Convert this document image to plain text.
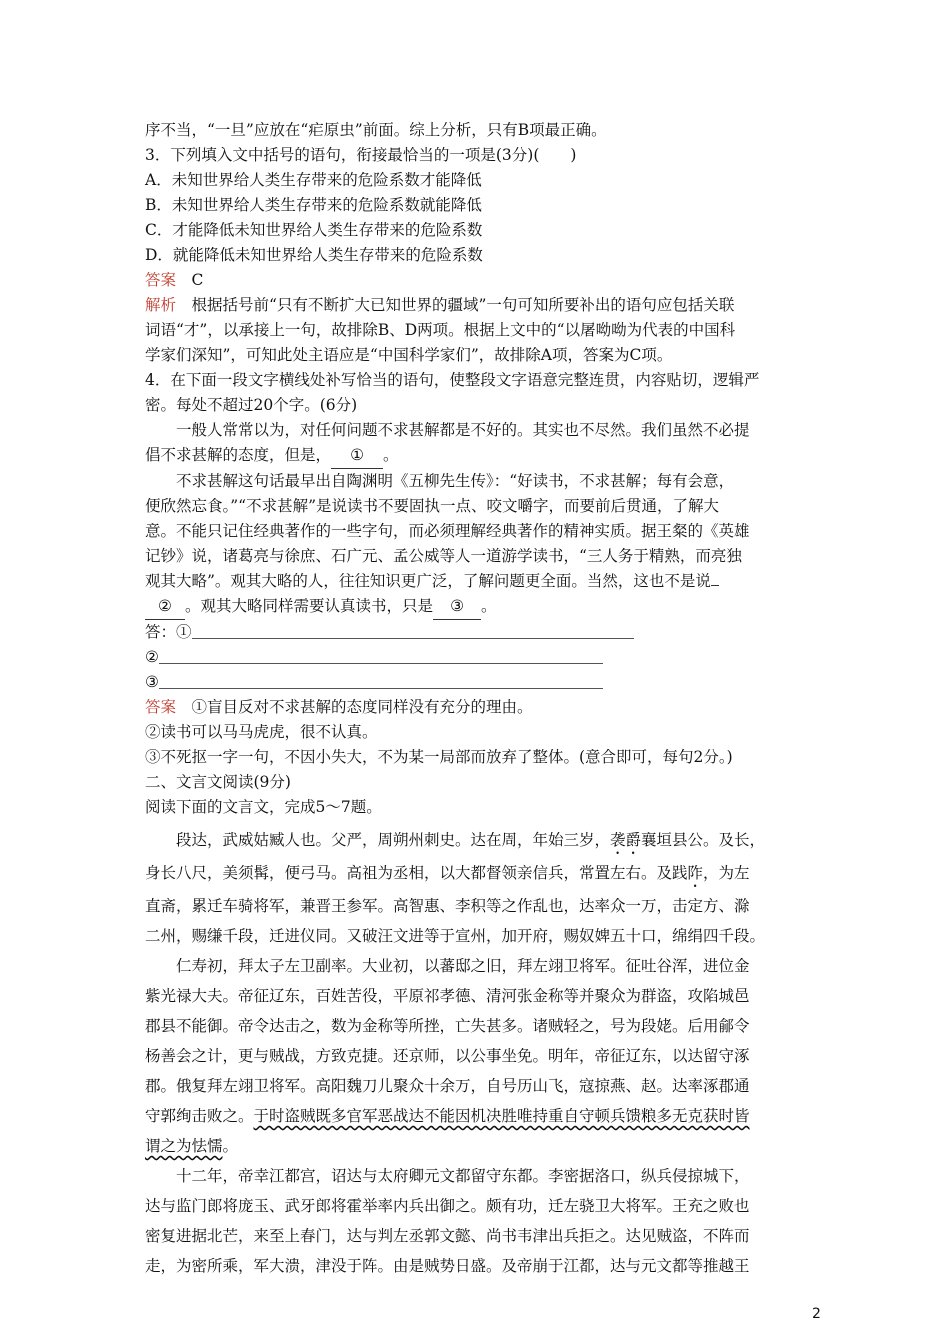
序不当，“一旦”应放在“疟原虫”前面。综上分析，只有B项最正确。

3．下列填入文中括号的语句，衔接最恰当的一项是(3分)(　　)

A．未知世界给人类生存带来的危险系数才能降低

B．未知世界给人类生存带来的危险系数就能降低

C．才能降低未知世界给人类生存带来的危险系数

D．就能降低未知世界给人类生存带来的危险系数

答案　C

解析　根据括号前“只有不断扩大已知世界的疆域”一句可知所要补出的语句应包括关联

词语“才”，以承接上一句，故排除B、D两项。根据上文中的“以屠呦呦为代表的中国科

学家们深知”，可知此处主语应是“中国科学家们”，故排除A项，答案为C项。

4．在下面一段文字横线处补写恰当的语句，使整段文字语意完整连贯，内容贴切，逻辑严

密。每处不超过20个字。(6分)

一般人常常以为，对任何问题不求甚解都是不好的。其实也不尽然。我们虽然不必提

倡不求甚解的态度，但是， ① 。

不求甚解这句话最早出自陶渊明《五柳先生传》：“好读书，不求甚解；每有会意，

便欣然忘食。”“不求甚解”是说读书不要固执一点、咬文嚼字，而要前后贯通，了解大

意。不能只记住经典著作的一些字句，而必须理解经典著作的精神实质。据王粲的《英雄

记钞》说，诸葛亮与徐庶、石广元、孟公威等人一道游学读书，“三人务于精熟，而亮独

观其大略”。观其大略的人，往往知识更广泛，了解问题更全面。当然，这也不是说

② 。观其大略同样需要认真读书，只是 ③ 。

答：①

②

③

答案　①盲目反对不求甚解的态度同样没有充分的理由。

②读书可以马马虎虎，很不认真。

③不死抠一字一句，不因小失大，不为某一局部而放弃了整体。(意合即可，每句2分。)

二、文言文阅读(9分)

阅读下面的文言文，完成5～7题。

段达，武威姑臧人也。父严，周朔州刺史。达在周，年始三岁，袭爵襄垣县公。及长，

身长八尺，美须髯，便弓马。高祖为丞相，以大都督领亲信兵，常置左右。及践阼，为左

直斋，累迁车骑将军，兼晋王参军。高智惠、李积等之作乱也，达率众一万，击定方、滁

二州，赐缣千段，迁进仪同。又破汪文进等于宣州，加开府，赐奴婢五十口，绵绢四千段。

仁寿初，拜太子左卫副率。大业初，以蕃邸之旧，拜左翊卫将军。征吐谷浑，进位金

紫光禄大夫。帝征辽东，百姓苦役，平原祁孝德、清河张金称等并聚众为群盗，攻陷城邑

郡县不能御。帝令达击之，数为金称等所挫，亡失甚多。诸贼轻之，号为段姥。后用鄃令

杨善会之计，更与贼战，方致克捷。还京师，以公事坐免。明年，帝征辽东，以达留守涿

郡。俄复拜左翊卫将军。高阳魏刀儿聚众十余万，自号历山飞，寇掠燕、赵。达率涿郡通

守郭绚击败之。于时盗贼既多官军恶战达不能因机决胜唯持重自守顿兵馈粮多无克获时皆

谓之为怯懦。

十二年，帝幸江都宫，诏达与太府卿元文都留守东都。李密据洛口，纵兵侵掠城下，

达与监门郎将庞玉、武牙郎将霍举率内兵出御之。颇有功，迁左骁卫大将军。王充之败也

密复进据北芒，来至上春门，达与判左丞郭文懿、尚书韦津出兵拒之。达见贼盗，不阵而

走，为密所乘，军大溃，津没于阵。由是贼势日盛。及帝崩于江都，达与元文都等推越王

2
